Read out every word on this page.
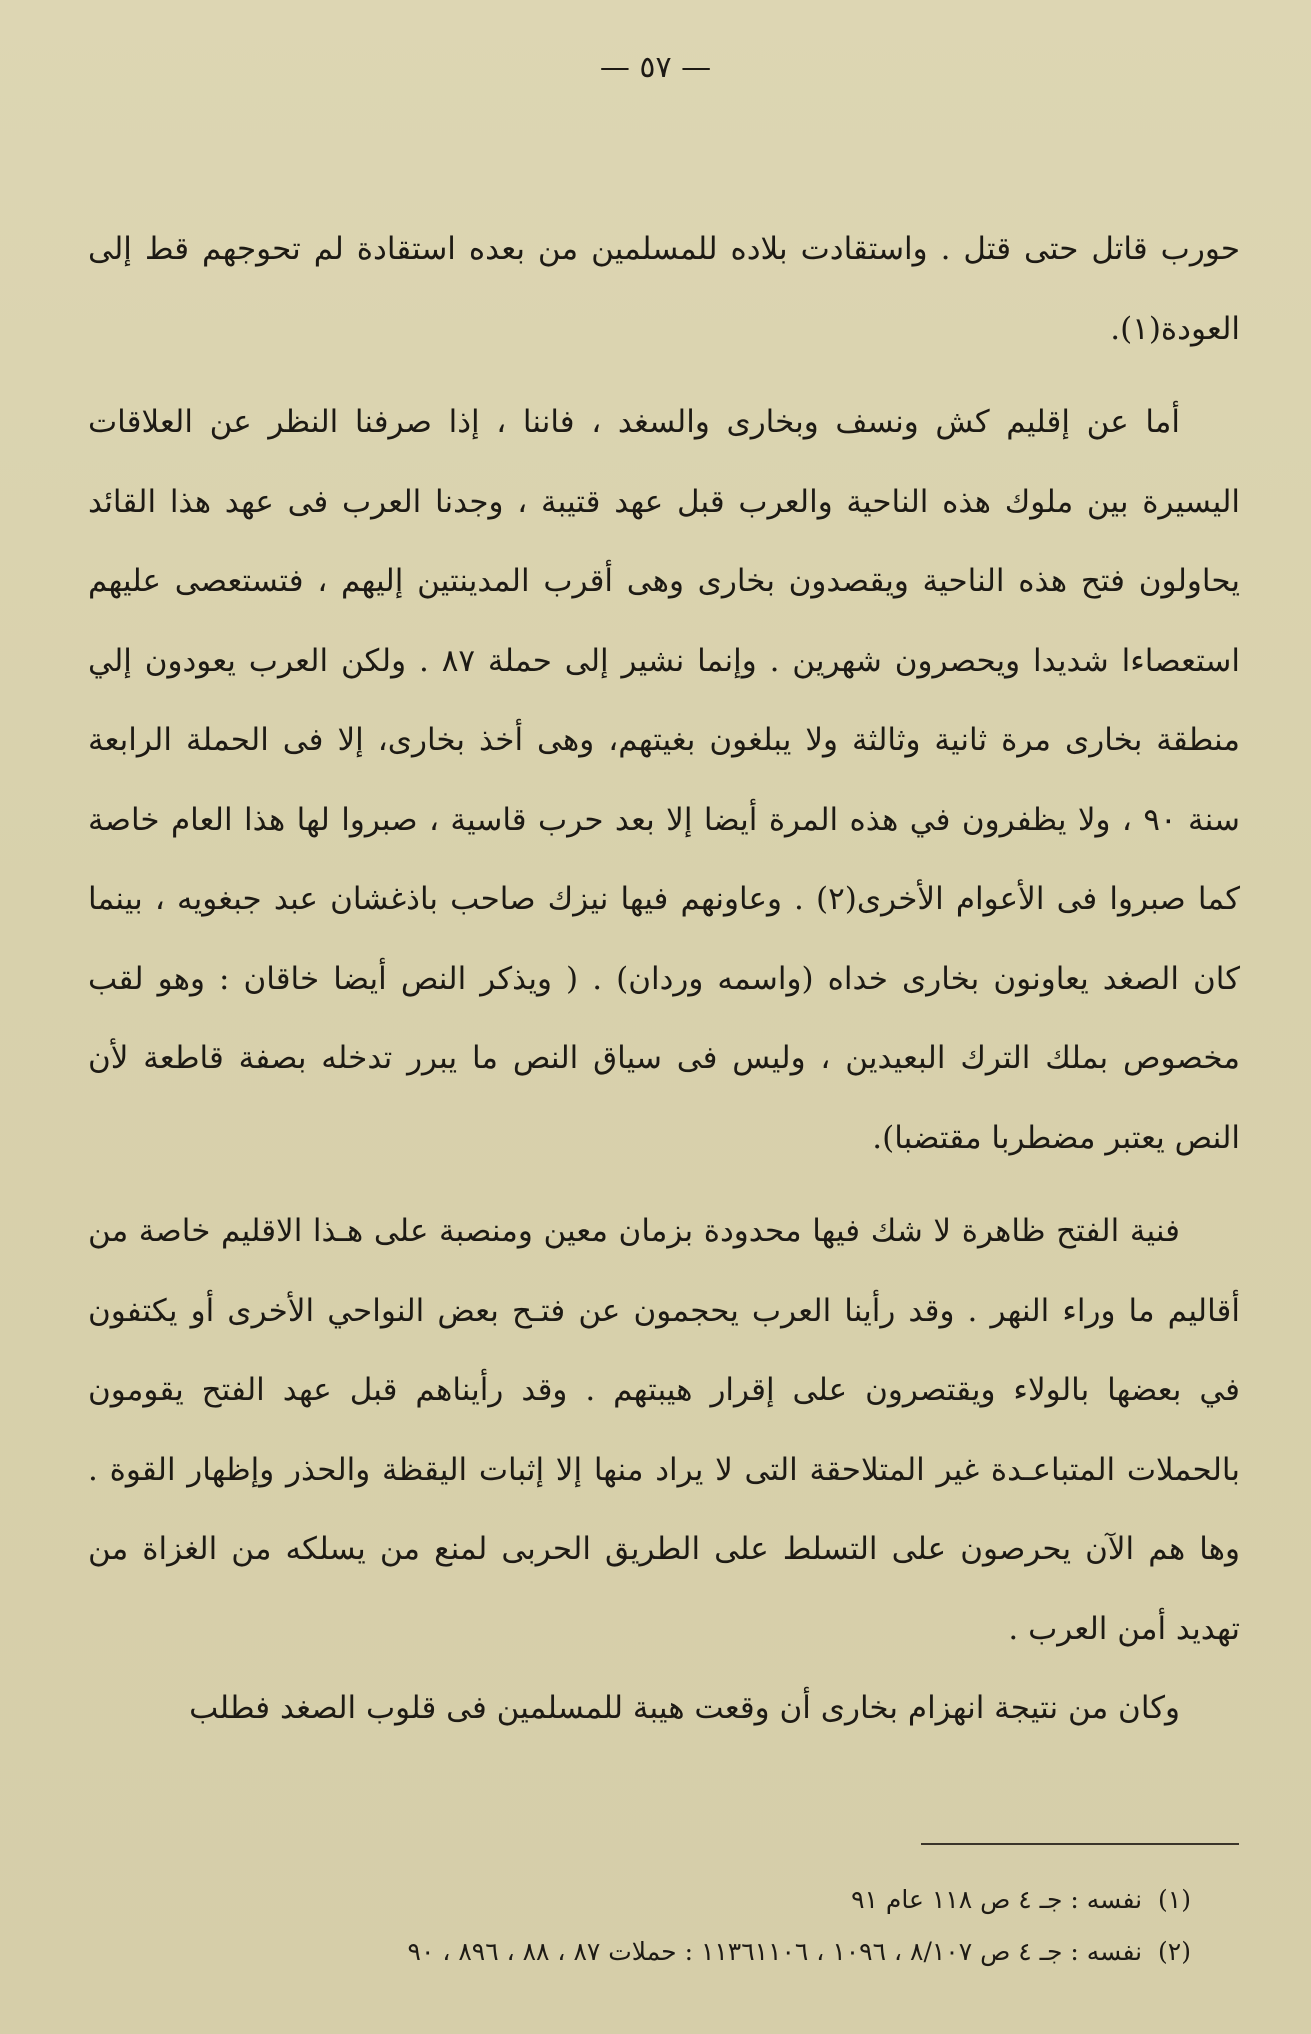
— ٥٧ —

حورب قاتل حتى قتل . واستقادت بلاده للمسلمين من بعده استقادة لم تحوجهم قط إلى العودة(١).

أما عن إقليم كش ونسف وبخارى والسغد ، فاننا ، إذا صرفنا النظر عن العلاقات اليسيرة بين ملوك هذه الناحية والعرب قبل عهد قتيبة ، وجدنا العرب فى عهد هذا القائد يحاولون فتح هذه الناحية ويقصدون بخارى وهى أقرب المدينتين إليهم ، فتستعصى عليهم استعصاءا شديدا ويحصرون شهرين . وإنما نشير إلى حملة ٨٧ . ولكن العرب يعودون إلي منطقة بخارى مرة ثانية وثالثة ولا يبلغون بغيتهم، وهى أخذ بخارى، إلا فى الحملة الرابعة سنة ٩٠ ، ولا يظفرون في هذه المرة أيضا إلا بعد حرب قاسية ، صبروا لها هذا العام خاصة كما صبروا فى الأعوام الأخرى(٢) . وعاونهم فيها نيزك صاحب باذغشان عبد جبغويه ، بينما كان الصغد يعاونون بخارى خداه (واسمه وردان) . ( ويذكر النص أيضا خاقان : وهو لقب مخصوص بملك الترك البعيدين ، وليس فى سياق النص ما يبرر تدخله بصفة قاطعة لأن النص يعتبر مضطربا مقتضبا).

فنية الفتح ظاهرة لا شك فيها محدودة بزمان معين ومنصبة على هـذا الاقليم خاصة من أقاليم ما وراء النهر . وقد رأينا العرب يحجمون عن فتـح بعض النواحي الأخرى أو يكتفون في بعضها بالولاء ويقتصرون على إقرار هيبتهم . وقد رأيناهم قبل عهد الفتح يقومون بالحملات المتباعـدة غير المتلاحقة التى لا يراد منها إلا إثبات اليقظة والحذر وإظهار القوة . وها هم الآن يحرصون على التسلط على الطريق الحربى لمنع من يسلكه من الغزاة من تهديد أمن العرب .

وكان من نتيجة انهزام بخارى أن وقعت هيبة للمسلمين فى قلوب الصغد فطلب

(١) نفسه : جـ ٤ ص ١١٨ عام ٩١
(٢) نفسه : جـ ٤ ص ٨/١٠٧ ، ١٠٩٦ ، ١١٣٦١١٠٦ : حملات ٨٧ ، ٨٨ ، ٨٩٦ ، ٩٠
